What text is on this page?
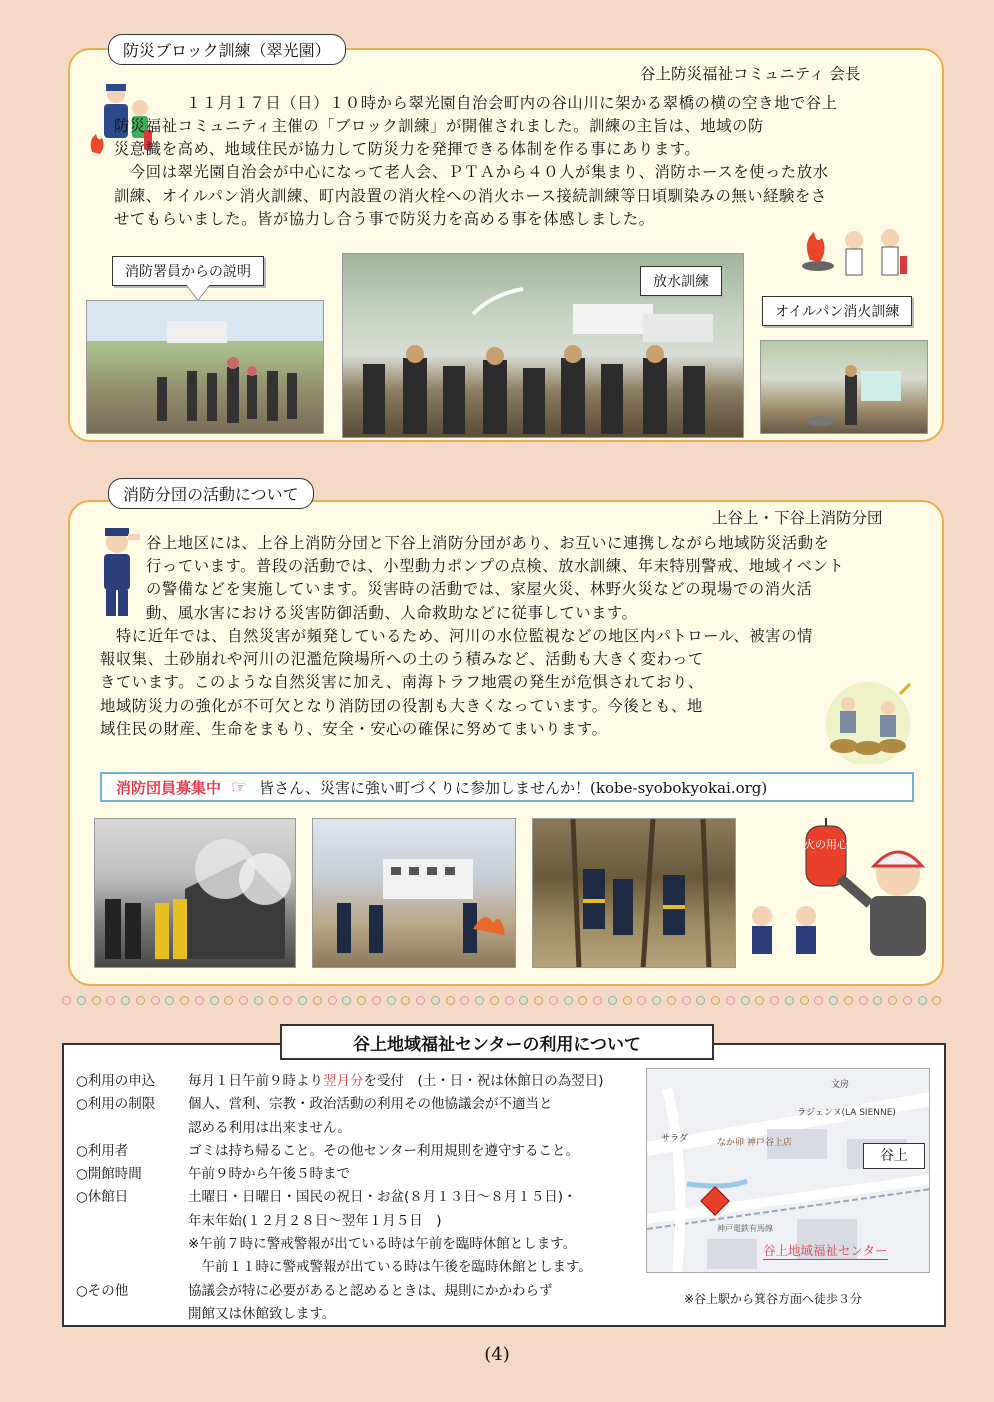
防災ブロック訓練（翠光園）
谷上防災福祉コミュニティ 会長

　１１月１７日（日）１０時から翠光園自治会町内の谷山川に架かる翠橋の横の空き地で谷上

防災福祉コミュニティ主催の「ブロック訓練」が開催されました。訓練の主旨は、地域の防

災意識を高め、地域住民が協力して防災力を発揮できる体制を作る事にあります。

　今回は翠光園自治会が中心になって老人会、ＰＴＡから４０人が集まり、消防ホースを使った放水

訓練、オイルパン消火訓練、町内設置の消火栓への消火ホース接続訓練等日頃馴染みの無い経験をさ

せてもらいました。皆が協力し合う事で防災力を高める事を体感しました。

消防署員からの説明
放水訓練
オイルパン消火訓練
消防分団の活動について
上谷上・下谷上消防分団

谷上地区には、上谷上消防分団と下谷上消防分団があり、お互いに連携しながら地域防災活動を

行っています。普段の活動では、小型動力ポンプの点検、放水訓練、年末特別警戒、地域イベント

の警備などを実施しています。災害時の活動では、家屋火災、林野火災などの現場での消火活

動、風水害における災害防御活動、人命救助などに従事しています。

　特に近年では、自然災害が頻発しているため、河川の水位監視などの地区内パトロール、被害の情

報収集、土砂崩れや河川の氾濫危険場所への土のう積みなど、活動も大きく変わって

きています。このような自然災害に加え、南海トラフ地震の発生が危惧されており、

地域防災力の強化が不可欠となり消防団の役割も大きくなっています。今後とも、地

域住民の財産、生命をまもり、安全・安心の確保に努めてまいります。

消防団員募集中 ☞ 皆さん、災害に強い町づくりに参加しませんか！(kobe-syobokyokai.org)
火の用心
谷上地域福祉センターの利用について
○利用の申込	毎月１日午前９時より翌月分を受付　(土・日・祝は休館日の為翌日)
○利用の制限	個人、営利、宗教・政治活動の利用その他協議会が不適当と
認める利用は出来ません。
○利用者	ゴミは持ち帰ること。その他センター利用規則を遵守すること。
○開館時間	午前９時から午後５時まで
○休館日	土曜日・日曜日・国民の祝日・お盆(８月１３日～８月１５日)・
年末年始(１２月２８日～翌年１月５日　)
※午前７時に警戒警報が出ている時は午前を臨時休館とします。
　午前１１時に警戒警報が出ている時は午後を臨時休館とします。
○その他	協議会が特に必要があると認めるときは、規則にかかわらず
開館又は休館致します。
なか卯 神戸谷上店
ラジェンヌ(LA SIENNE)
サラダ
文房
神戸電鉄有馬線
谷上
谷上地域福祉センター
※谷上駅から箕谷方面へ徒歩３分
(4)
